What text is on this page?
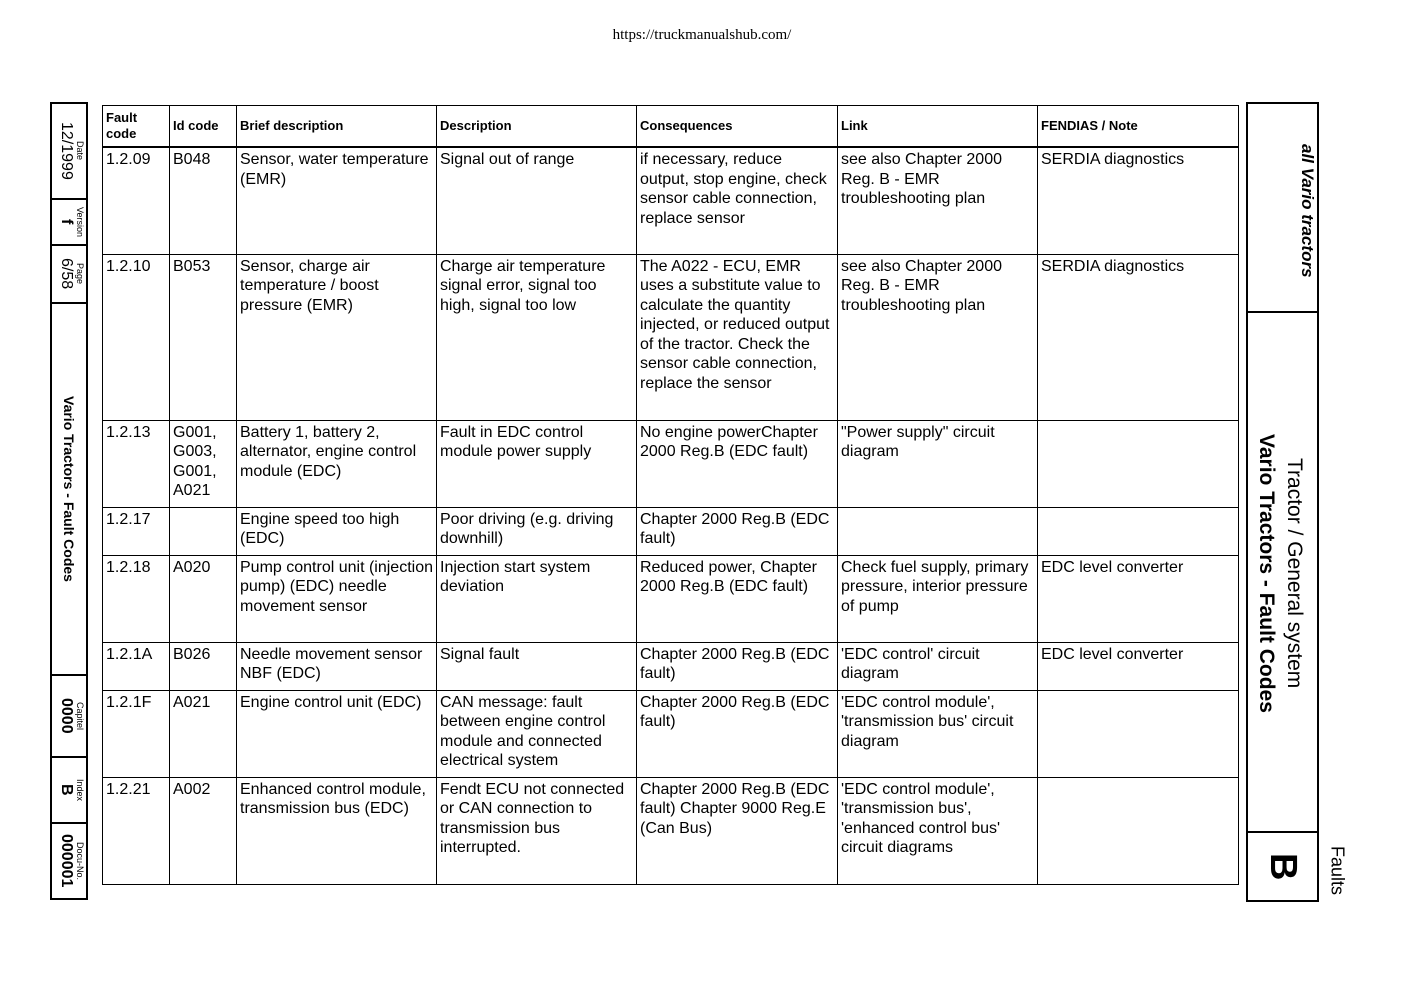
https://truckmanualshub.com/
Date
12/1999
Version
f
Page
6/58
Vario Tractors - Fault Codes
Capitel
0000
Index
B
Docu-No.
000001
Fault code	Id code	Brief description	Description	Consequences	Link	FENDIAS / Note
1.2.09	B048	Sensor, water temperature (EMR)	Signal out of range	if necessary, reduce output, stop engine, check sensor cable connection, replace sensor	see also Chapter 2000 Reg. B - EMR troubleshooting plan	SERDIA diagnostics
1.2.10	B053	Sensor, charge air temperature / boost pressure (EMR)	Charge air temperature signal error, signal too high, signal too low	The A022 - ECU, EMR uses a substitute value to calculate the quantity injected, or reduced output of the tractor. Check the sensor cable connection, replace the sensor	see also Chapter 2000 Reg. B - EMR troubleshooting plan	SERDIA diagnostics
1.2.13	G001, G003, G001, A021	Battery 1, battery 2, alternator, engine control module (EDC)	Fault in EDC control module power supply	No engine powerChapter 2000 Reg.B (EDC fault)	"Power supply" circuit diagram	
1.2.17		Engine speed too high (EDC)	Poor driving (e.g. driving downhill)	Chapter 2000 Reg.B (EDC fault)		
1.2.18	A020	Pump control unit (injection pump) (EDC) needle movement sensor	Injection start system deviation	Reduced power, Chapter 2000 Reg.B (EDC fault)	Check fuel supply, primary pressure, interior pressure of pump	EDC level converter
1.2.1A	B026	Needle movement sensor NBF (EDC)	Signal fault	Chapter 2000 Reg.B (EDC fault)	'EDC control' circuit diagram	EDC level converter
1.2.1F	A021	Engine control unit (EDC)	CAN message: fault between engine control module and connected electrical system	Chapter 2000 Reg.B (EDC fault)	'EDC control module', 'transmission bus' circuit diagram	
1.2.21	A002	Enhanced control module, transmission bus (EDC)	Fendt ECU not connected or CAN connection to transmission bus interrupted.	Chapter 2000 Reg.B (EDC fault) Chapter 9000 Reg.E (Can Bus)	'EDC control module', 'transmission bus', 'enhanced control bus' circuit diagrams	
all Vario tractors
Tractor / General system
Vario Tractors - Fault Codes
B	Faults
